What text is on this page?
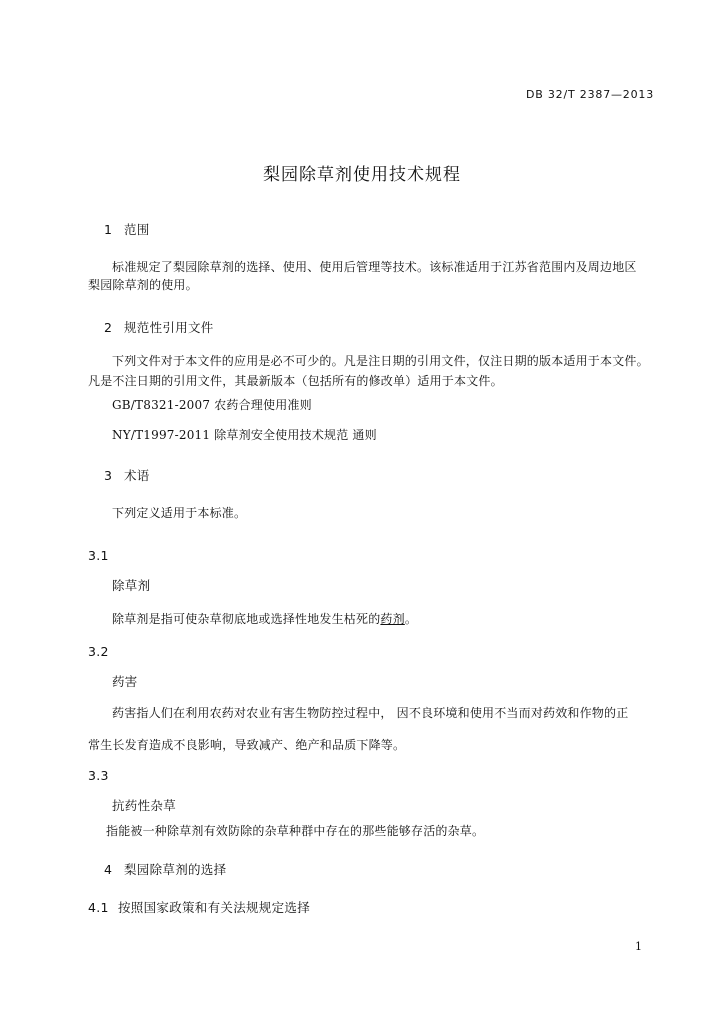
DB 32/T 2387—2013
梨园除草剂使用技术规程
1 范围
标准规定了梨园除草剂的选择、使用、使用后管理等技术。该标准适用于江苏省范围内及周边地区
梨园除草剂的使用。
2 规范性引用文件
下列文件对于本文件的应用是必不可少的。凡是注日期的引用文件，仅注日期的版本适用于本文件。
凡是不注日期的引用文件，其最新版本（包括所有的修改单）适用于本文件。
GB/T8321-2007 农药合理使用准则
NY/T1997-2011 除草剂安全使用技术规范 通则
3 术语
下列定义适用于本标准。
3.1
除草剂
除草剂是指可使杂草彻底地或选择性地发生枯死的药剂。
3.2
药害
药害指人们在利用农药对农业有害生物防控过程中， 因不良环境和使用不当而对药效和作物的正
常生长发育造成不良影响，导致减产、绝产和品质下降等。
3.3
抗药性杂草
指能被一种除草剂有效防除的杂草种群中存在的那些能够存活的杂草。
4 梨园除草剂的选择
4.1 按照国家政策和有关法规规定选择
1
